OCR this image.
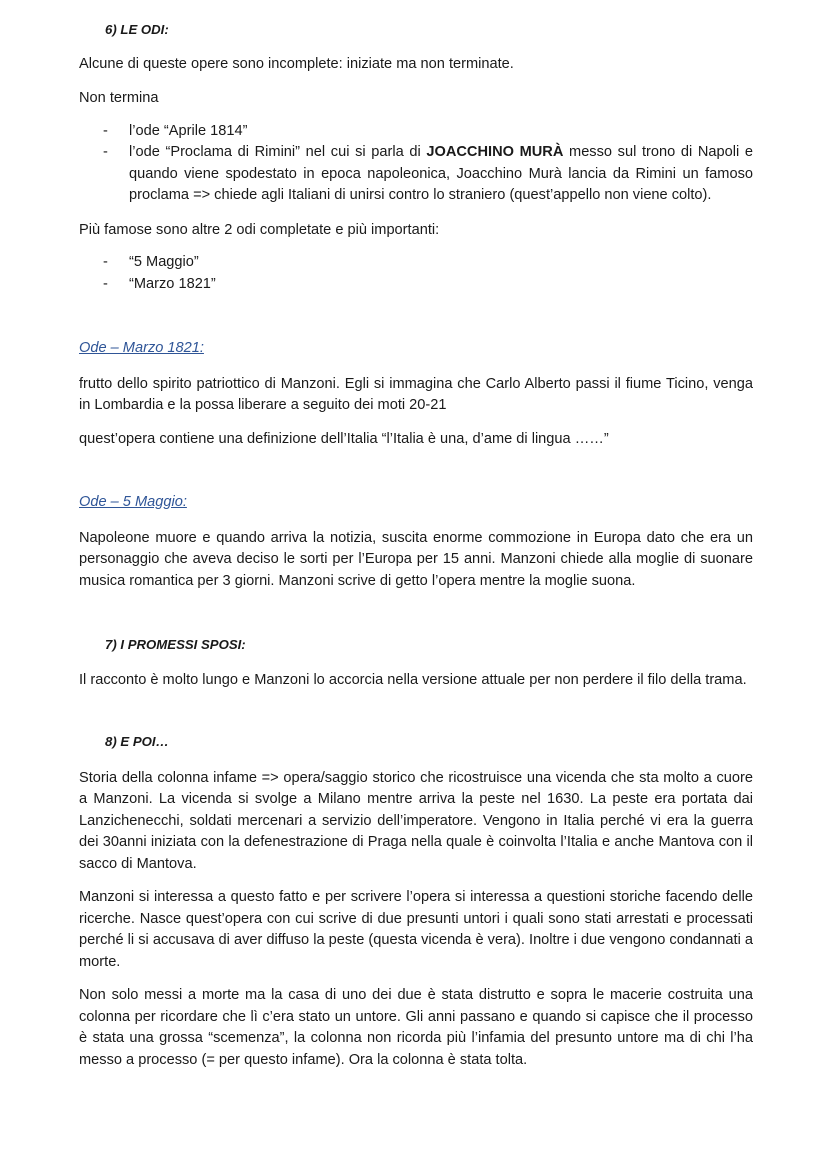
6) LE ODI:

Alcune di queste opere sono incomplete: iniziate ma non terminate.

Non termina

- l’ode “Aprile 1814”
- l’ode “Proclama di Rimini” nel cui si parla di JOACCHINO MURÀ messo sul trono di Napoli e quando viene spodestato in epoca napoleonica, Joacchino Murà lancia da Rimini un famoso proclama => chiede agli Italiani di unirsi contro lo straniero (quest’appello non viene colto).

Più famose sono altre 2 odi completate e più importanti:

- “5 Maggio”
- “Marzo 1821”

Ode – Marzo 1821:

frutto dello spirito patriottico di Manzoni. Egli si immagina che Carlo Alberto passi il fiume Ticino, venga in Lombardia e la possa liberare a seguito dei moti 20-21

quest’opera contiene una definizione dell’Italia “l’Italia è una, d’ame di lingua ……”

Ode – 5 Maggio:

Napoleone muore e quando arriva la notizia, suscita enorme commozione in Europa dato che era un personaggio che aveva deciso le sorti per l’Europa per 15 anni. Manzoni chiede alla moglie di suonare musica romantica per 3 giorni. Manzoni scrive di getto l’opera mentre la moglie suona.

7) I PROMESSI SPOSI:

Il racconto è molto lungo e Manzoni lo accorcia nella versione attuale per non perdere il filo della trama.

8) E POI…

Storia della colonna infame => opera/saggio storico che ricostruisce una vicenda che sta molto a cuore a Manzoni. La vicenda si svolge a Milano mentre arriva la peste nel 1630. La peste era portata dai Lanzichenecchi, soldati mercenari a servizio dell’imperatore. Vengono in Italia perché vi era la guerra dei 30anni iniziata con la defenestrazione di Praga nella quale è coinvolta l’Italia e anche Mantova con il sacco di Mantova.

Manzoni si interessa a questo fatto e per scrivere l’opera si interessa a questioni storiche facendo delle ricerche. Nasce quest’opera con cui scrive di due presunti untori i quali sono stati arrestati e processati perché li si accusava di aver diffuso la peste (questa vicenda è vera). Inoltre i due vengono condannati a morte.

Non solo messi a morte ma la casa di uno dei due è stata distrutto e sopra le macerie costruita una colonna per ricordare che lì c’era stato un untore. Gli anni passano e quando si capisce che il processo è stata una grossa “scemenza”, la colonna non ricorda più l’infamia del presunto untore ma di chi l’ha messo a processo (= per questo infame). Ora la colonna è stata tolta.
